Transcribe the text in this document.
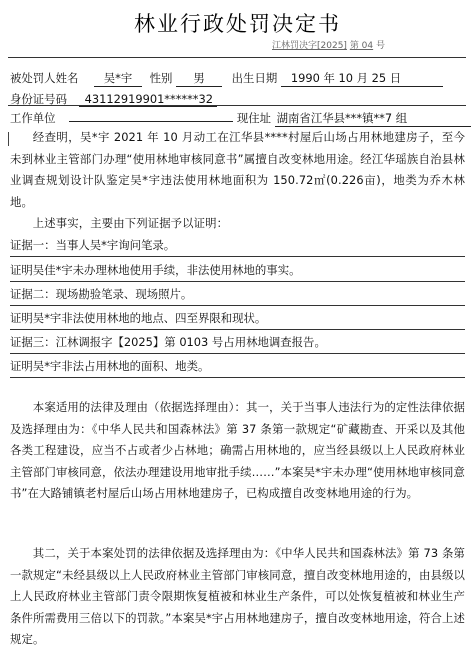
林业行政处罚决定书
江林罚决字[2025] 第 04 号
被处罚人姓名 吴*宇 性别 男 出生日期 1990 年 10 月 25 日
身份证号码 43112919901******32
工作单位	现住址 湖南省江华县***镇**7 组
经查明，吴*宇 2021 年 10 月动工在江华县****村屋后山场占用林地建房子，至今未到林业主管部门办理“使用林地审核同意书”属擅自改变林地用途。经江华瑶族自治县林业调查规划设计队鉴定吴*宇违法使用林地面积为 150.72㎡(0.226亩)，地类为乔木林地。
上述事实，主要由下列证据予以证明：
证据一：当事人吴*宇询问笔录。
证明吴佳*宇未办理林地使用手续，非法使用林地的事实。
证据二：现场勘验笔录、现场照片。
证明吴*宇非法使用林地的地点、四至界限和现状。
证据三：江林调报字【2025】第 0103 号占用林地调查报告。
证明吴*宇非法占用林地的面积、地类。
本案适用的法律及理由（依据选择理由）：其一，关于当事人违法行为的定性法律依据及选择理由为：《中华人民共和国森林法》第 37 条第一款规定“矿藏勘查、开采以及其他各类工程建设，应当不占或者少占林地；确需占用林地的，应当经县级以上人民政府林业主管部门审核同意，依法办理建设用地审批手续……”本案吴*宇未办理“使用林地审核同意书”在大路铺镇老村屋后山场占用林地建房子，已构成擅自改变林地用途的行为。
其二，关于本案处罚的法律依据及选择理由为：《中华人民共和国森林法》第 73 条第一款规定“未经县级以上人民政府林业主管部门审核同意，擅自改变林地用途的，由县级以上人民政府林业主管部门责令限期恢复植被和林业生产条件，可以处恢复植被和林业生产条件所需费用三倍以下的罚款。”本案吴*宇占用林地建房子，擅自改变林地用途，符合上述规定。
